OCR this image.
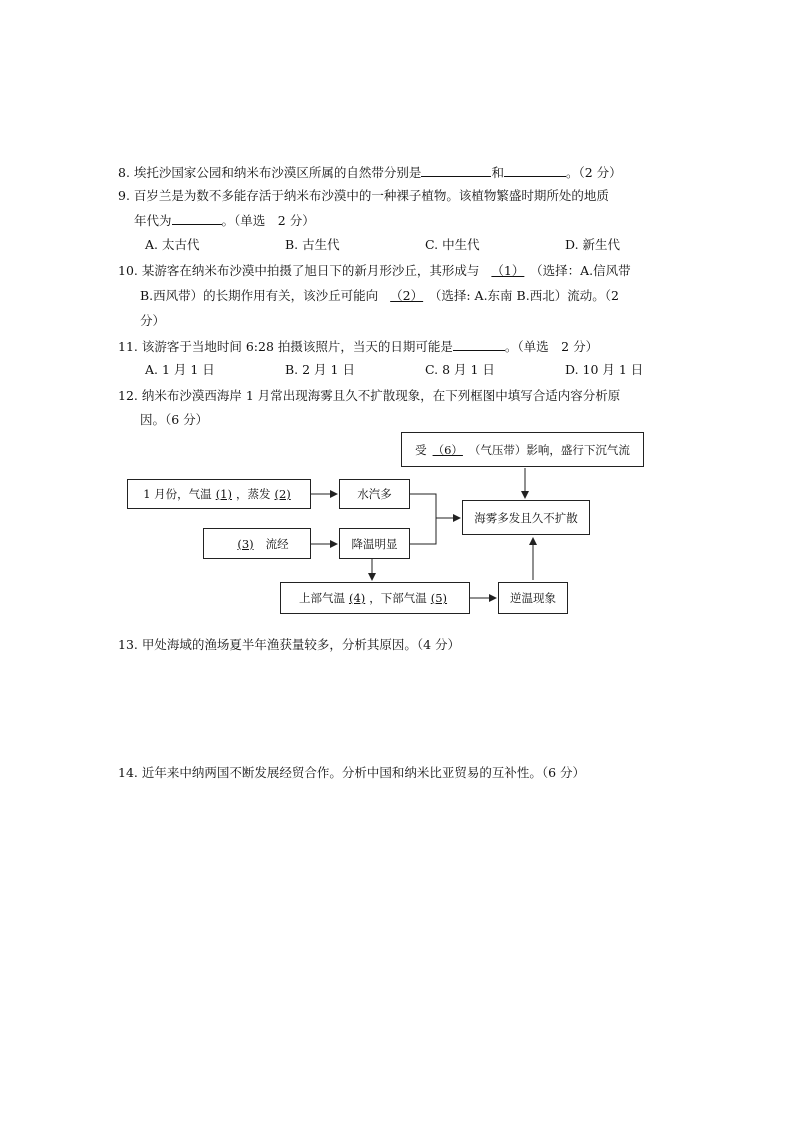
8. 埃托沙国家公园和纳米布沙漠区所属的自然带分别是	和	。（2 分）
9. 百岁兰是为数不多能存活于纳米布沙漠中的一种裸子植物。该植物繁盛时期所处的地质
年代为	。（单选　2 分）
A. 太古代	B. 古生代	C. 中生代	D. 新生代
10. 某游客在纳米布沙漠中拍摄了旭日下的新月形沙丘，其形成与 （1） （选择：A.信风带
B.西风带）的长期作用有关，该沙丘可能向 （2） （选择: A.东南 B.西北）流动。（2
分）
11. 该游客于当地时间 6:28 拍摄该照片，当天的日期可能是	。（单选　2 分）
A. 1 月 1 日	B. 2 月 1 日	C. 8 月 1 日	D. 10 月 1 日
12. 纳米布沙漠西海岸 1 月常出现海雾且久不扩散现象，在下列框图中填写合适内容分析原
因。（6 分）
受 （6） （气压带）影响，盛行下沉气流
1 月份，气温 (1) ，蒸发 (2)	水汽多
海雾多发且久不扩散
(3)	流经	降温明显
上部气温 (4) ，下部气温 (5)	逆温现象
13. 甲处海域的渔场夏半年渔获量较多，分析其原因。（4 分）
14. 近年来中纳两国不断发展经贸合作。分析中国和纳米比亚贸易的互补性。（6 分）
